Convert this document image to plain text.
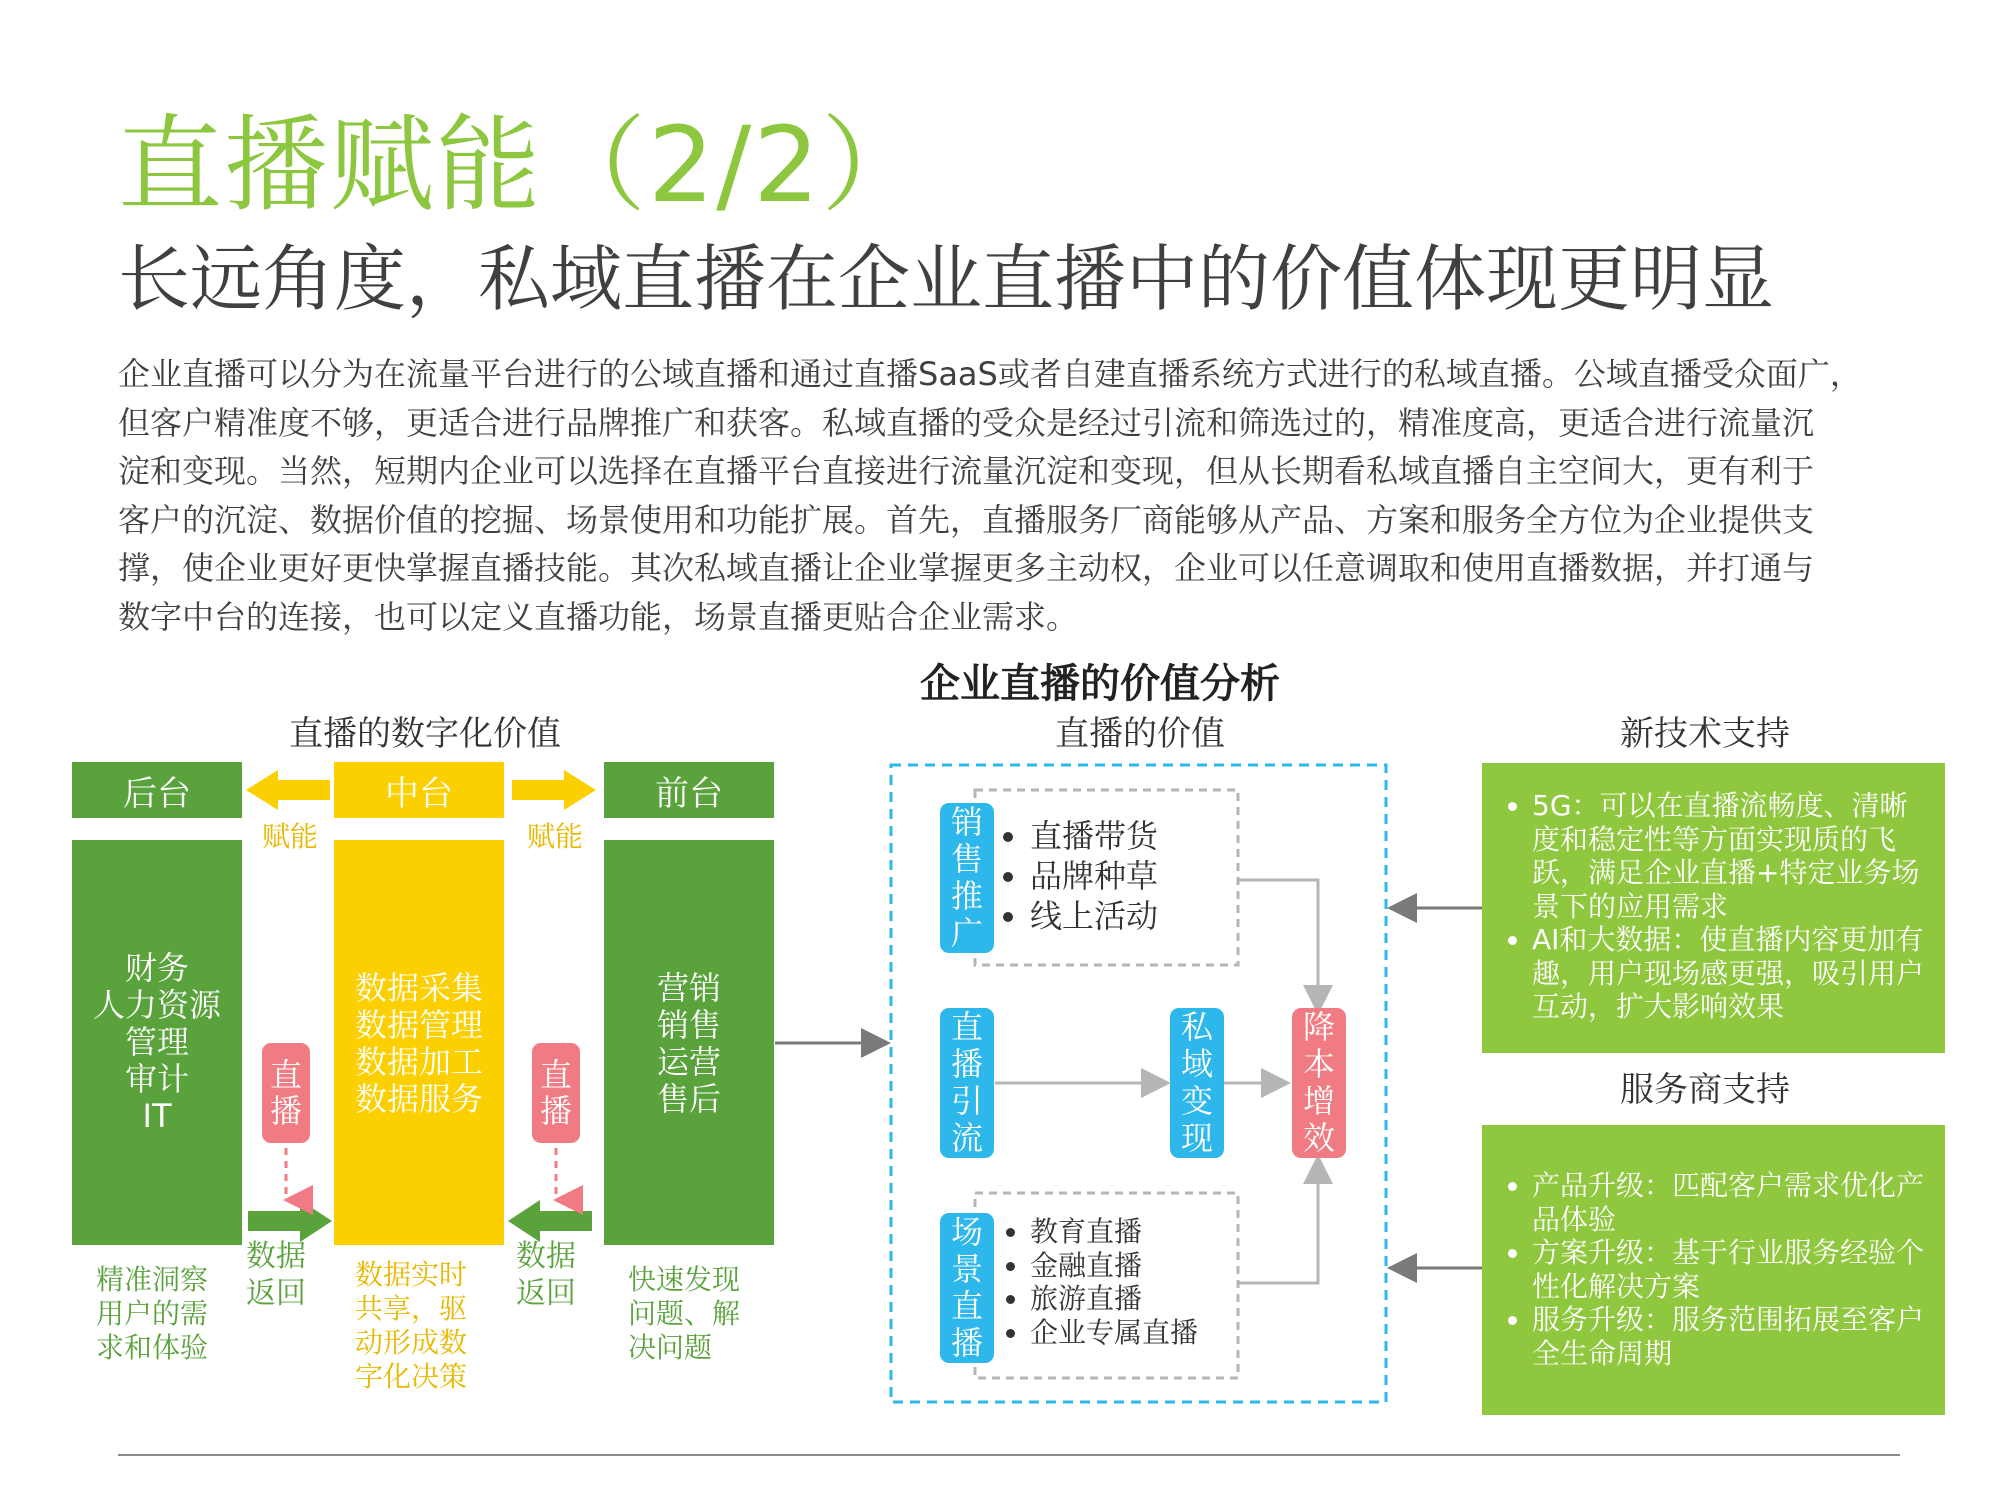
直播赋能（2/2）
长远角度，私域直播在企业直播中的价值体现更明显

企业直播可以分为在流量平台进行的公域直播和通过直播SaaS或者自建直播系统方式进行的私域直播。公域直播受众面广，

但客户精准度不够，更适合进行品牌推广和获客。私域直播的受众是经过引流和筛选过的，精准度高，更适合进行流量沉

淀和变现。当然，短期内企业可以选择在直播平台直接进行流量沉淀和变现，但从长期看私域直播自主空间大，更有利于

客户的沉淀、数据价值的挖掘、场景使用和功能扩展。首先，直播服务厂商能够从产品、方案和服务全方位为企业提供支

撑，使企业更好更快掌握直播技能。其次私域直播让企业掌握更多主动权，企业可以任意调取和使用直播数据，并打通与

数字中台的连接，也可以定义直播功能，场景直播更贴合企业需求。

企业直播的价值分析
直播的数字化价值	直播的价值	新技术支持
服务商支持
后台	中台	前台
赋能	赋能
财务
人力资源
管理
审计
IT
数据采集
数据管理
数据加工
数据服务
营销
销售
运营
售后
直
播
直
播
数据
返回
数据
返回
精准洞察
用户的需
求和体验
数据实时
共享，驱
动形成数
字化决策
快速发现
问题、解
决问题
销
售
推
广
• 直播带货
• 品牌种草
• 线上活动
直
播
引
流
私
域
变
现
降
本
增
效
场
景
直
播
• 教育直播
• 金融直播
• 旅游直播
• 企业专属直播
• 5G：可以在直播流畅度、清晰度和稳定性等方面实现质的飞跃，满足企业直播+特定业务场景下的应用需求
• AI和大数据：使直播内容更加有趣，用户现场感更强，吸引用户互动，扩大影响效果
• 产品升级：匹配客户需求优化产品体验
• 方案升级：基于行业服务经验个性化解决方案
• 服务升级：服务范围拓展至客户全生命周期
